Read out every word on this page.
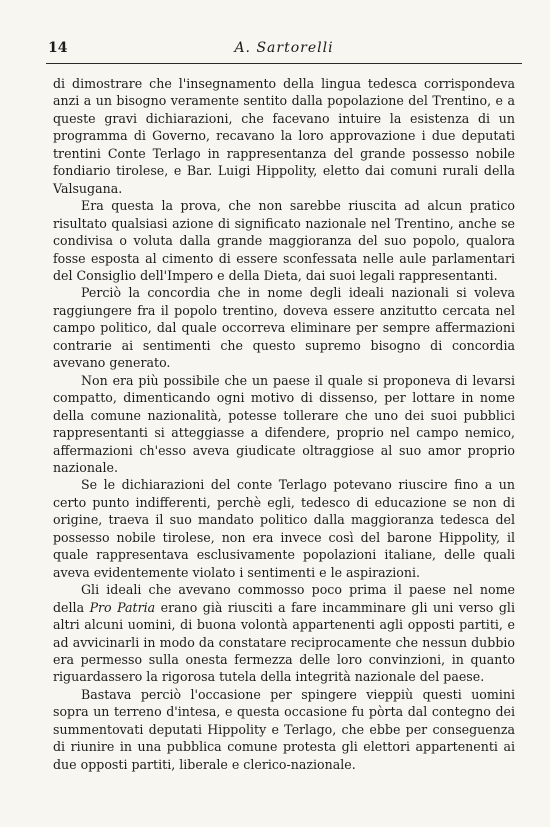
14	A. Sartorelli

di dimostrare che l'insegnamento della lingua tedesca corrispondeva anzi a un bisogno veramente sentito dalla popolazione del Trentino, e a queste gravi dichiarazioni, che facevano intuire la esistenza di un programma di Governo, recavano la loro approvazione i due deputati trentini Conte Terlago in rappresentanza del grande possesso nobile fondiario tirolese, e Bar. Luigi Hippolity, eletto dai comuni rurali della Valsugana.

Era questa la prova, che non sarebbe riuscita ad alcun pratico risultato qualsiasi azione di significato nazionale nel Trentino, anche se condivisa o voluta dalla grande maggioranza del suo popolo, qualora fosse esposta al cimento di essere sconfessata nelle aule parlamentari del Consiglio dell'Impero e della Dieta, dai suoi legali rappresentanti.

Perciò la concordia che in nome degli ideali nazionali si voleva raggiungere fra il popolo trentino, doveva essere anzitutto cercata nel campo politico, dal quale occorreva eliminare per sempre affermazioni contrarie ai sentimenti che questo supremo bisogno di concordia avevano generato.

Non era più possibile che un paese il quale si proponeva di levarsi compatto, dimenticando ogni motivo di dissenso, per lottare in nome della comune nazionalità, potesse tollerare che uno dei suoi pubblici rappresentanti si atteggiasse a difendere, proprio nel campo nemico, affermazioni ch'esso aveva giudicate oltraggiose al suo amor proprio nazionale.

Se le dichiarazioni del conte Terlago potevano riuscire fino a un certo punto indifferenti, perchè egli, tedesco di educazione se non di origine, traeva il suo mandato politico dalla maggioranza tedesca del possesso nobile tirolese, non era invece così del barone Hippolity, il quale rappresentava esclusivamente popolazioni italiane, delle quali aveva evidentemente violato i sentimenti e le aspirazioni.

Gli ideali che avevano commosso poco prima il paese nel nome della Pro Patria erano già riusciti a fare incamminare gli uni verso gli altri alcuni uomini, di buona volontà appartenenti agli opposti partiti, e ad avvicinarli in modo da constatare reciprocamente che nessun dubbio era permesso sulla onesta fermezza delle loro convinzioni, in quanto riguardassero la rigorosa tutela della integrità nazionale del paese.

Bastava perciò l'occasione per spingere vieppiù questi uomini sopra un terreno d'intesa, e questa occasione fu pòrta dal contegno dei summentovati deputati Hippolity e Terlago, che ebbe per conseguenza di riunire in una pubblica comune protesta gli elettori appartenenti ai due opposti partiti, liberale e clerico-nazionale.
